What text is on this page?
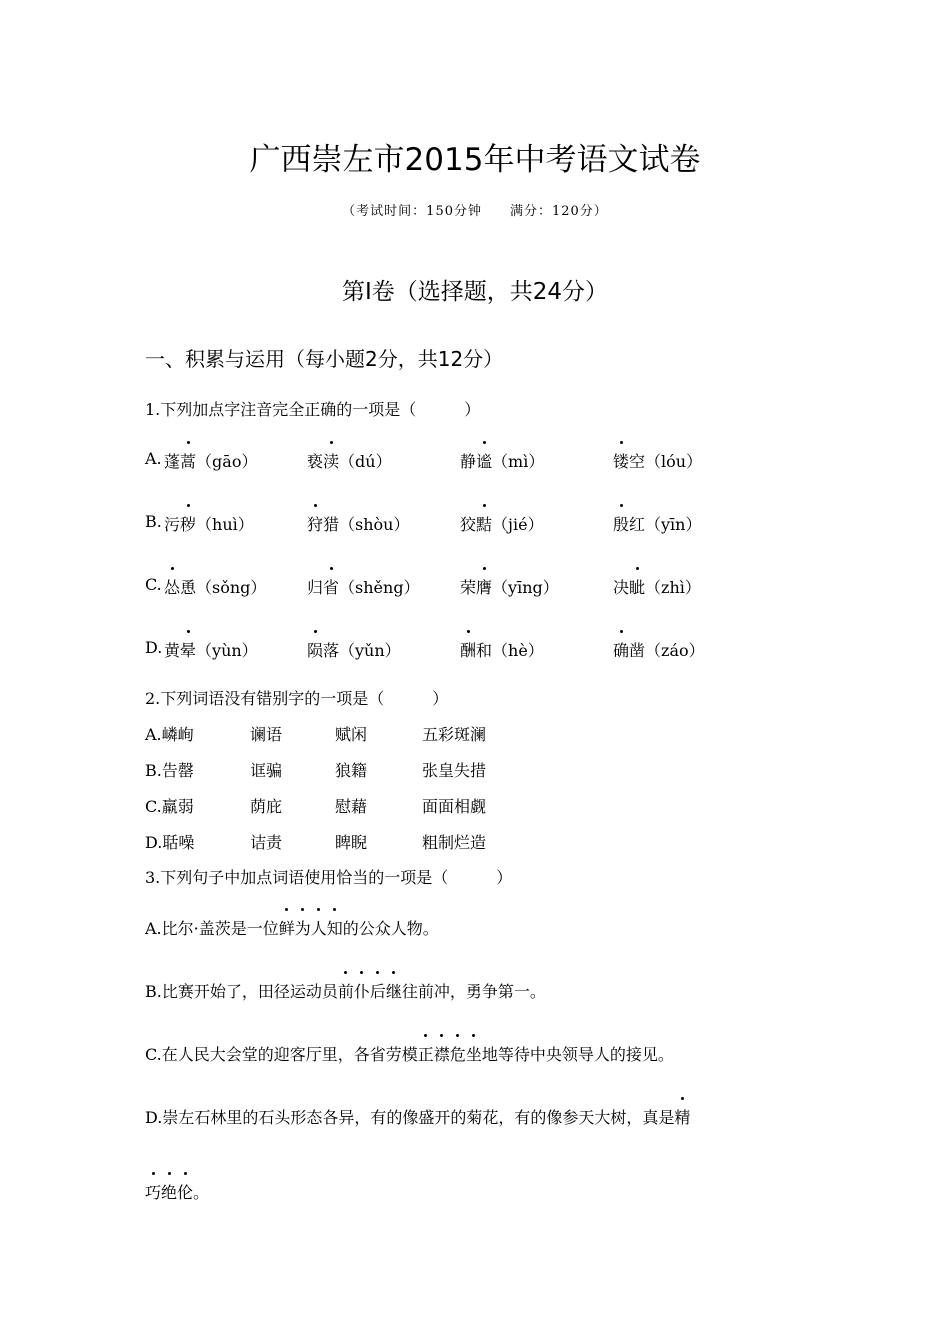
广西崇左市2015年中考语文试卷
（考试时间：150分钟　　满分：120分）
第Ⅰ卷（选择题，共24分）
一、积累与运用（每小题2分，共12分）
1.下列加点字注音完全正确的一项是（　　　）
A. 蓬蒿（gāo）	亵渎（dú）	静谧（mì）	镂空（lóu）
B. 污秽（huì）	狩猎（shòu）	狡黠（jié）	殷红（yīn）
C. 怂恿（sǒng）	归省（shěng）	荣膺（yīng）	决眦（zhì）
D. 黄晕（yùn）	陨落（yǔn）	酬和（hè）	确凿（záo）
2.下列词语没有错别字的一项是（　　　）
A.嶙峋	谰语	赋闲	五彩斑澜
B.告罄	诓骗	狼籍	张皇失措
C.羸弱	荫庇	慰藉	面面相觑
D.聒噪	诘责	睥睨	粗制烂造
3.下列句子中加点词语使用恰当的一项是（　　　）
A.比尔·盖茨是一位鲜为人知的公众人物。
B.比赛开始了，田径运动员前仆后继往前冲，勇争第一。
C.在人民大会堂的迎客厅里，各省劳模正襟危坐地等待中央领导人的接见。
D.崇左石林里的石头形态各异，有的像盛开的菊花，有的像参天大树，真是精
巧绝伦。
